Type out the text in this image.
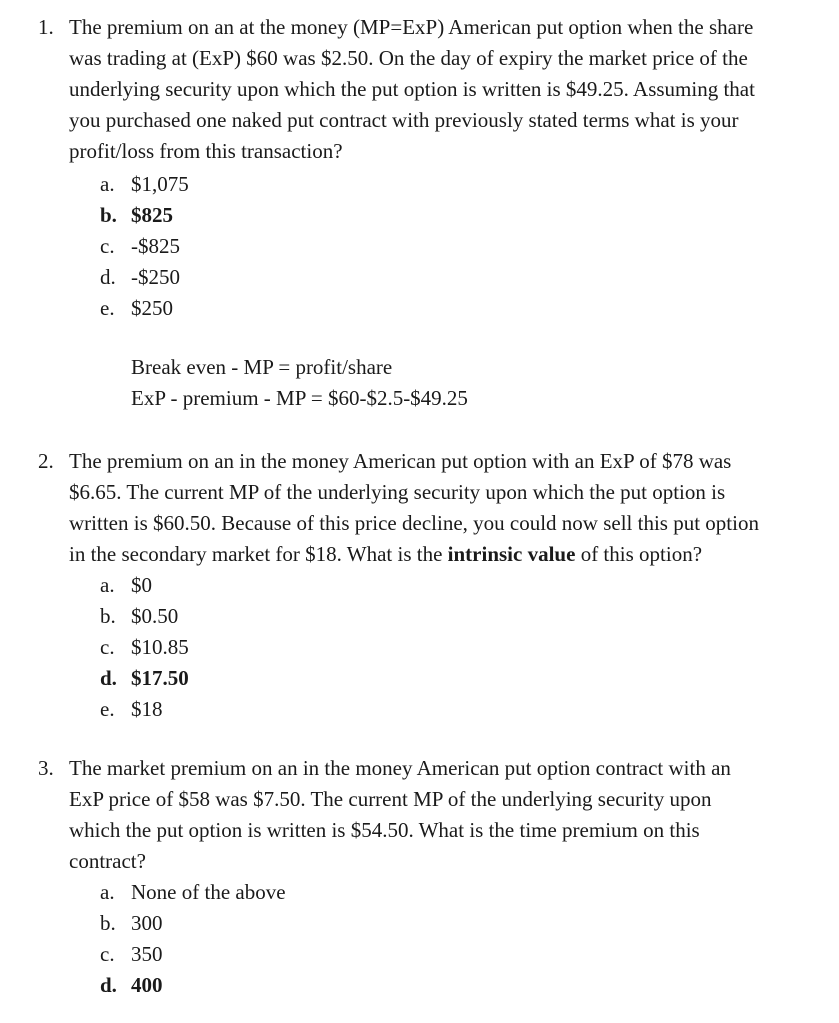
1. The premium on an at the money (MP=ExP) American put option when the share
was trading at (ExP) $60 was $2.50. On the day of expiry the market price of the
underlying security upon which the put option is written is $49.25. Assuming that
you purchased one naked put contract with previously stated terms what is your
profit/loss from this transaction?

a. $1,075
b. $825
c. -$825
d. -$250
e. $250

Break even - MP = profit/share
ExP - premium - MP = $60-$2.5-$49.25

2. The premium on an in the money American put option with an ExP of $78 was
$6.65. The current MP of the underlying security upon which the put option is
written is $60.50. Because of this price decline, you could now sell this put option
in the secondary market for $18. What is the intrinsic value of this option?

a. $0
b. $0.50
c. $10.85
d. $17.50
e. $18
3. The market premium on an in the money American put option contract with an
ExP price of $58 was $7.50. The current MP of the underlying security upon
which the put option is written is $54.50. What is the time premium on this
contract?

a. None of the above
b. 300
c. 350
d. 400
